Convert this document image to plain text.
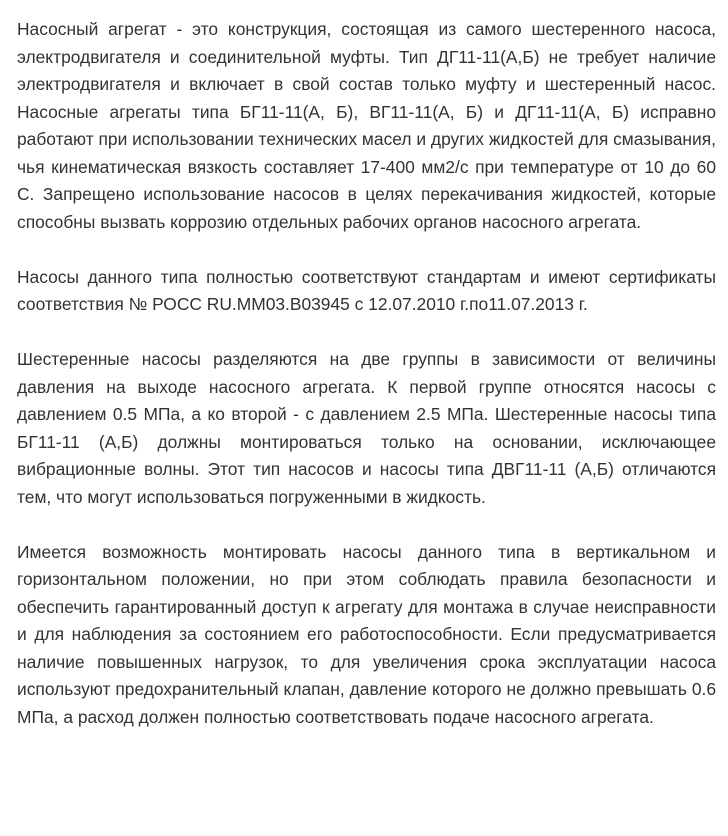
Насосный агрегат - это конструкция, состоящая из самого шестеренного насоса, электродвигателя и соединительной муфты. Тип ДГ11-11(А,Б) не требует наличие электродвигателя и включает в свой состав только муфту и шестеренный насос. Насосные агрегаты типа БГ11-11(А, Б), ВГ11-11(А, Б) и ДГ11-11(А, Б) исправно работают при использовании технических масел и других жидкостей для смазывания, чья кинематическая вязкость составляет 17-400 мм2/с при температуре от 10 до 60 С. Запрещено использование насосов в целях перекачивания жидкостей, которые способны вызвать коррозию отдельных рабочих органов насосного агрегата.

Насосы данного типа полностью соответствуют стандартам и имеют сертификаты соответствия № РОСС RU.ММ03.В03945 с 12.07.2010 г.по11.07.2013 г.

Шестеренные насосы разделяются на две группы в зависимости от величины давления на выходе насосного агрегата. К первой группе относятся насосы с давлением 0.5 МПа, а ко второй - с давлением 2.5 МПа. Шестеренные насосы типа БГ11-11 (А,Б) должны монтироваться только на основании, исключающее вибрационные волны. Этот тип насосов и насосы типа ДВГ11-11 (А,Б) отличаются тем, что могут использоваться погруженными в жидкость.

Имеется возможность монтировать насосы данного типа в вертикальном и горизонтальном положении, но при этом соблюдать правила безопасности и обеспечить гарантированный доступ к агрегату для монтажа в случае неисправности и для наблюдения за состоянием его работоспособности. Если предусматривается наличие повышенных нагрузок, то для увеличения срока эксплуатации насоса используют предохранительный клапан, давление которого не должно превышать 0.6 МПа, а расход должен полностью соответствовать подаче насосного агрегата.
